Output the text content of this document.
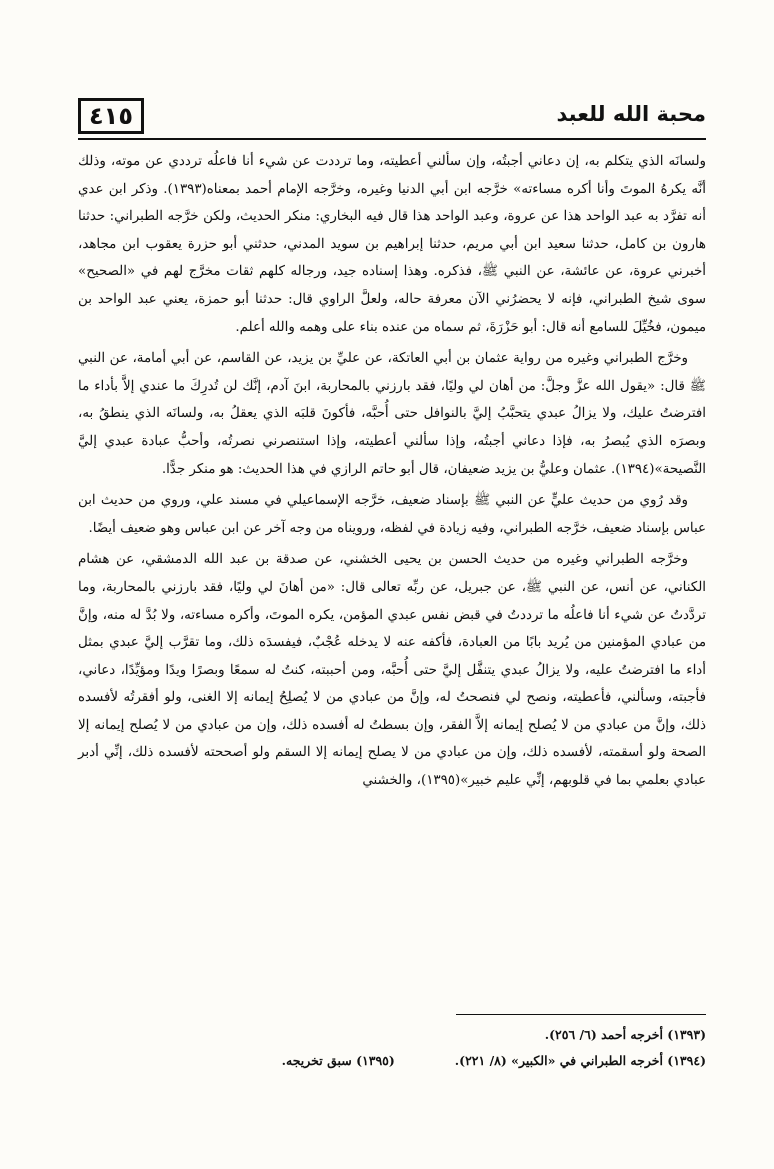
٤١٥	محبة الله للعبد

ولسانَه الذي يتكلم به، إن دعاني أجبتُه، وإن سألني أعطيته، وما ترددت عن شيء أنا فاعلُه ترددي عن موته، وذلك أنَّه يكرهُ الموتَ وأنا أكره مساءته» خرَّجه ابن أبي الدنيا وغيره، وخرَّجه الإمام أحمد بمعناه(١٣٩٣). وذكر ابن عدي أنه تفرَّد به عبد الواحد هذا عن عروة، وعبد الواحد هذا قال فيه البخاري: منكر الحديث، ولكن خرَّجه الطبراني: حدثنا هارون بن كامل، حدثنا سعيد ابن أبي مريم، حدثنا إبراهيم بن سويد المدني، حدثني أبو حزرة يعقوب ابن مجاهد، أخبرني عروة، عن عائشة، عن النبي ﷺ، فذكره. وهذا إسناده جيد، ورجاله كلهم ثقات مخرَّج لهم في «الصحيح» سوى شيخ الطبراني، فإنه لا يحضرُني الآن معرفة حاله، ولعلَّ الراوي قال: حدثنا أبو حمزة، يعني عبد الواحد بن ميمون، فخُيِّلَ للسامع أنه قال: أبو حَزْرَةَ، ثم سماه من عنده بناء على وهمه والله أعلم.

وخرَّج الطبراني وغيره من رواية عثمان بن أبي العاتكة، عن عليِّ بن يزيد، عن القاسم، عن أبي أمامة، عن النبي ﷺ قال: «يقول الله عزَّ وجلَّ: من أهان لي وليًا، فقد بارزني بالمحاربة، ابنَ آدم، إنَّك لن تُدرِكَ ما عندي إلاَّ بأداء ما افترضتُ عليك، ولا يزالُ عبدي يتحبَّبُ إليَّ بالنوافل حتى أُحبَّه، فأكونَ قلبَه الذي يعقلُ به، ولسانَه الذي ينطقُ به، وبصرَه الذي يُبصرُ به، فإذا دعاني أجبتُه، وإذا سألني أعطيته، وإذا استنصرني نصرتُه، وأحبُّ عبادة عبدي إليَّ النَّصيحة»(١٣٩٤). عثمان وعليُّ بن يزيد ضعيفان، قال أبو حاتم الرازي في هذا الحديث: هو منكر جدًّا.

وقد رُوي من حديث عليٍّ عن النبي ﷺ بإسناد ضعيف، خرَّجه الإسماعيلي في مسند علي، وروي من حديث ابن عباس بإسناد ضعيف، خرَّجه الطبراني، وفيه زيادة في لفظه، ورويناه من وجه آخر عن ابن عباس وهو ضعيف أيضًا.

وخرَّجه الطبراني وغيره من حديث الحسن بن يحيى الخشني، عن صدقة بن عبد الله الدمشقي، عن هشام الكناني، عن أنس، عن النبي ﷺ، عن جبريل، عن ربِّه تعالى قال: «من أهانَ لي وليًا، فقد بارزني بالمحاربة، وما تردَّدتُ عن شيء أنا فاعلُه ما ترددتُ في قبض نفس عبدي المؤمن، يكره الموتَ، وأكره مساءته، ولا بُدَّ له منه، وإنَّ من عبادي المؤمنين من يُريد بابًا من العبادة، فأكفه عنه لا يدخله عُجْبٌ، فيفسدَه ذلك، وما تقرَّب إليَّ عبدي بمثل أداء ما افترضتُ عليه، ولا يزالُ عبدي يتنفَّل إليَّ حتى أُحبَّه، ومن أحببته، كنتُ له سمعًا وبصرًا ويدًا ومؤيِّدًا، دعاني، فأجبته، وسألني، فأعطيته، ونصح لي فنصحتُ له، وإنَّ من عبادي من لا يُصلِحُ إيمانه إلا الغنى، ولو أفقرتُه لأفسده ذلك، وإنَّ من عبادي من لا يُصلح إيمانه إلاَّ الفقر، وإن بسطتُ له أفسده ذلك، وإن من عبادي من لا يُصلح إيمانه إلا الصحة ولو أسقمته، لأفسده ذلك، وإن من عبادي من لا يصلح إيمانه إلا السقم ولو أصححته لأفسده ذلك، إنِّي أدبر عبادي بعلمي بما في قلوبهم، إنِّي عليم خبير»(١٣٩٥)، والخشني

(١٣٩٣) أخرجه أحمد (٦/ ٢٥٦).
(١٣٩٤) أخرجه الطبراني في «الكبير» (٨/ ٢٢١).
(١٣٩٥) سبق تخريجه.
